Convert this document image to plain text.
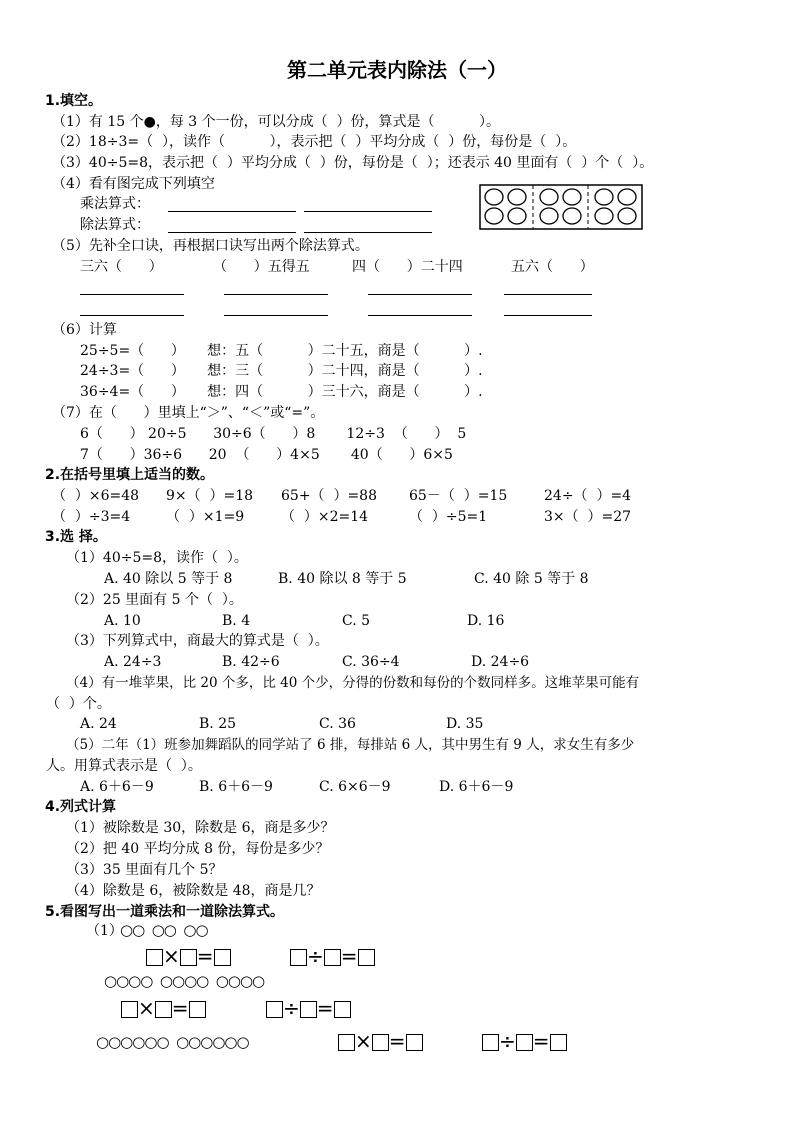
第二单元表内除法（一）
1.填空。
（1）有 15 个●，每 3 个一份，可以分成（  ）份，算式是（          ）。
（2）18÷3=（  ），读作（          ），表示把（  ）平均分成（  ）份，每份是（  ）。
（3）40÷5=8，表示把（  ）平均分成（  ）份，每份是（  ）；还表示 40 里面有（  ）个（  ）。
（4）看有图完成下列填空
乘法算式：
除法算式：
（5）先补全口诀，再根据口诀写出两个除法算式。
三六（      ）	（      ）五得五	四（      ）二十四	五六（      ）
（6）计算
25÷5=（      ）     想：五（          ）二十五，商是（          ）.
24÷3=（      ）     想：三（          ）二十四，商是（          ）.
36÷4=（      ）     想：四（          ）三十六，商是（          ）.
（7）在（      ）里填上“＞”、“＜”或“=”。
6（      ） 20÷5      30÷6（      ）8       12÷3  （      ）  5
7（      ）36÷6      20  （      ）4×5       40（      ）6×5
2.在括号里填上适当的数。
（  ）×6=48 9×（  ）=18 65+（  ）=88 65－（  ）=15	24÷（  ）=4
（  ）÷3=4	（  ）×1=9	（  ）×2=14	（  ）÷5=1	3×（  ）=27
3.选 择。
（1）40÷5=8，读作（  ）。
A. 40 除以 5 等于 8	B. 40 除以 8 等于 5	C. 40 除 5 等于 8
（2）25 里面有 5 个（  ）。
A. 10	B. 4	C. 5	D. 16
（3）下列算式中，商最大的算式是（  ）。
A. 24÷3	B. 42÷6	C. 36÷4	D. 24÷6
（4）有一堆苹果，比 20 个多，比 40 个少，分得的份数和每份的个数同样多。这堆苹果可能有
（  ）个。
A. 24	B. 25	C. 36	D. 35
（5）二年（1）班参加舞蹈队的同学站了 6 排，每排站 6 人，其中男生有 9 人，求女生有多少
人。用算式表示是（  ）。
A. 6＋6－9	B. 6＋6－9	C. 6×6－9	D. 6＋6－9
4.列式计算
（1）被除数是 30，除数是 6，商是多少？
（2）把 40 平均分成 8 份，每份是多少？
（3）35 里面有几个 5？
（4）除数是 6，被除数是 48，商是几？
5.看图写出一道乘法和一道除法算式。
（1）
○○  ○○  ○○
× =	÷ =
○○○○  ○○○○  ○○○○
× =	÷ =
○○○○○○  ○○○○○○	× =	÷ =
